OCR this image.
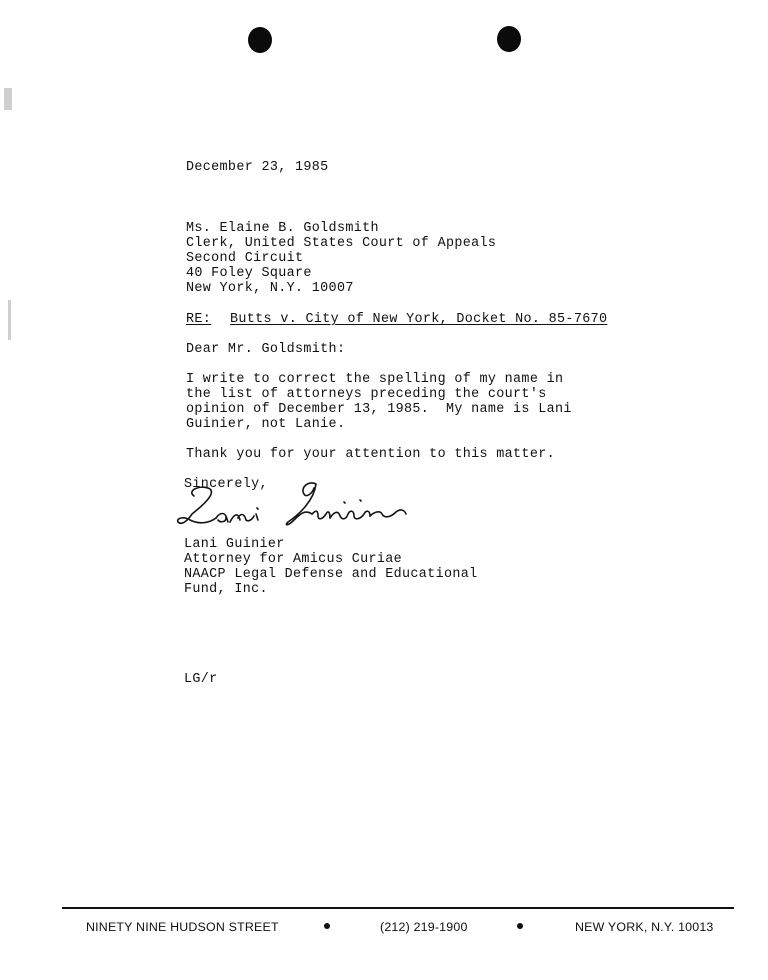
December 23, 1985
Ms. Elaine B. Goldsmith
Clerk, United States Court of Appeals
Second Circuit
40 Foley Square
New York, N.Y. 10007
RE: Butts v. City of New York, Docket No. 85-7670
Dear Mr. Goldsmith:
I write to correct the spelling of my name in
the list of attorneys preceding the court's
opinion of December 13, 1985.  My name is Lani
Guinier, not Lanie.
Thank you for your attention to this matter.
Sincerely,
Lani Guinier
Attorney for Amicus Curiae
NAACP Legal Defense and Educational
Fund, Inc.
LG/r
NINETY NINE HUDSON STREET	(212) 219-1900	NEW YORK, N.Y. 10013
